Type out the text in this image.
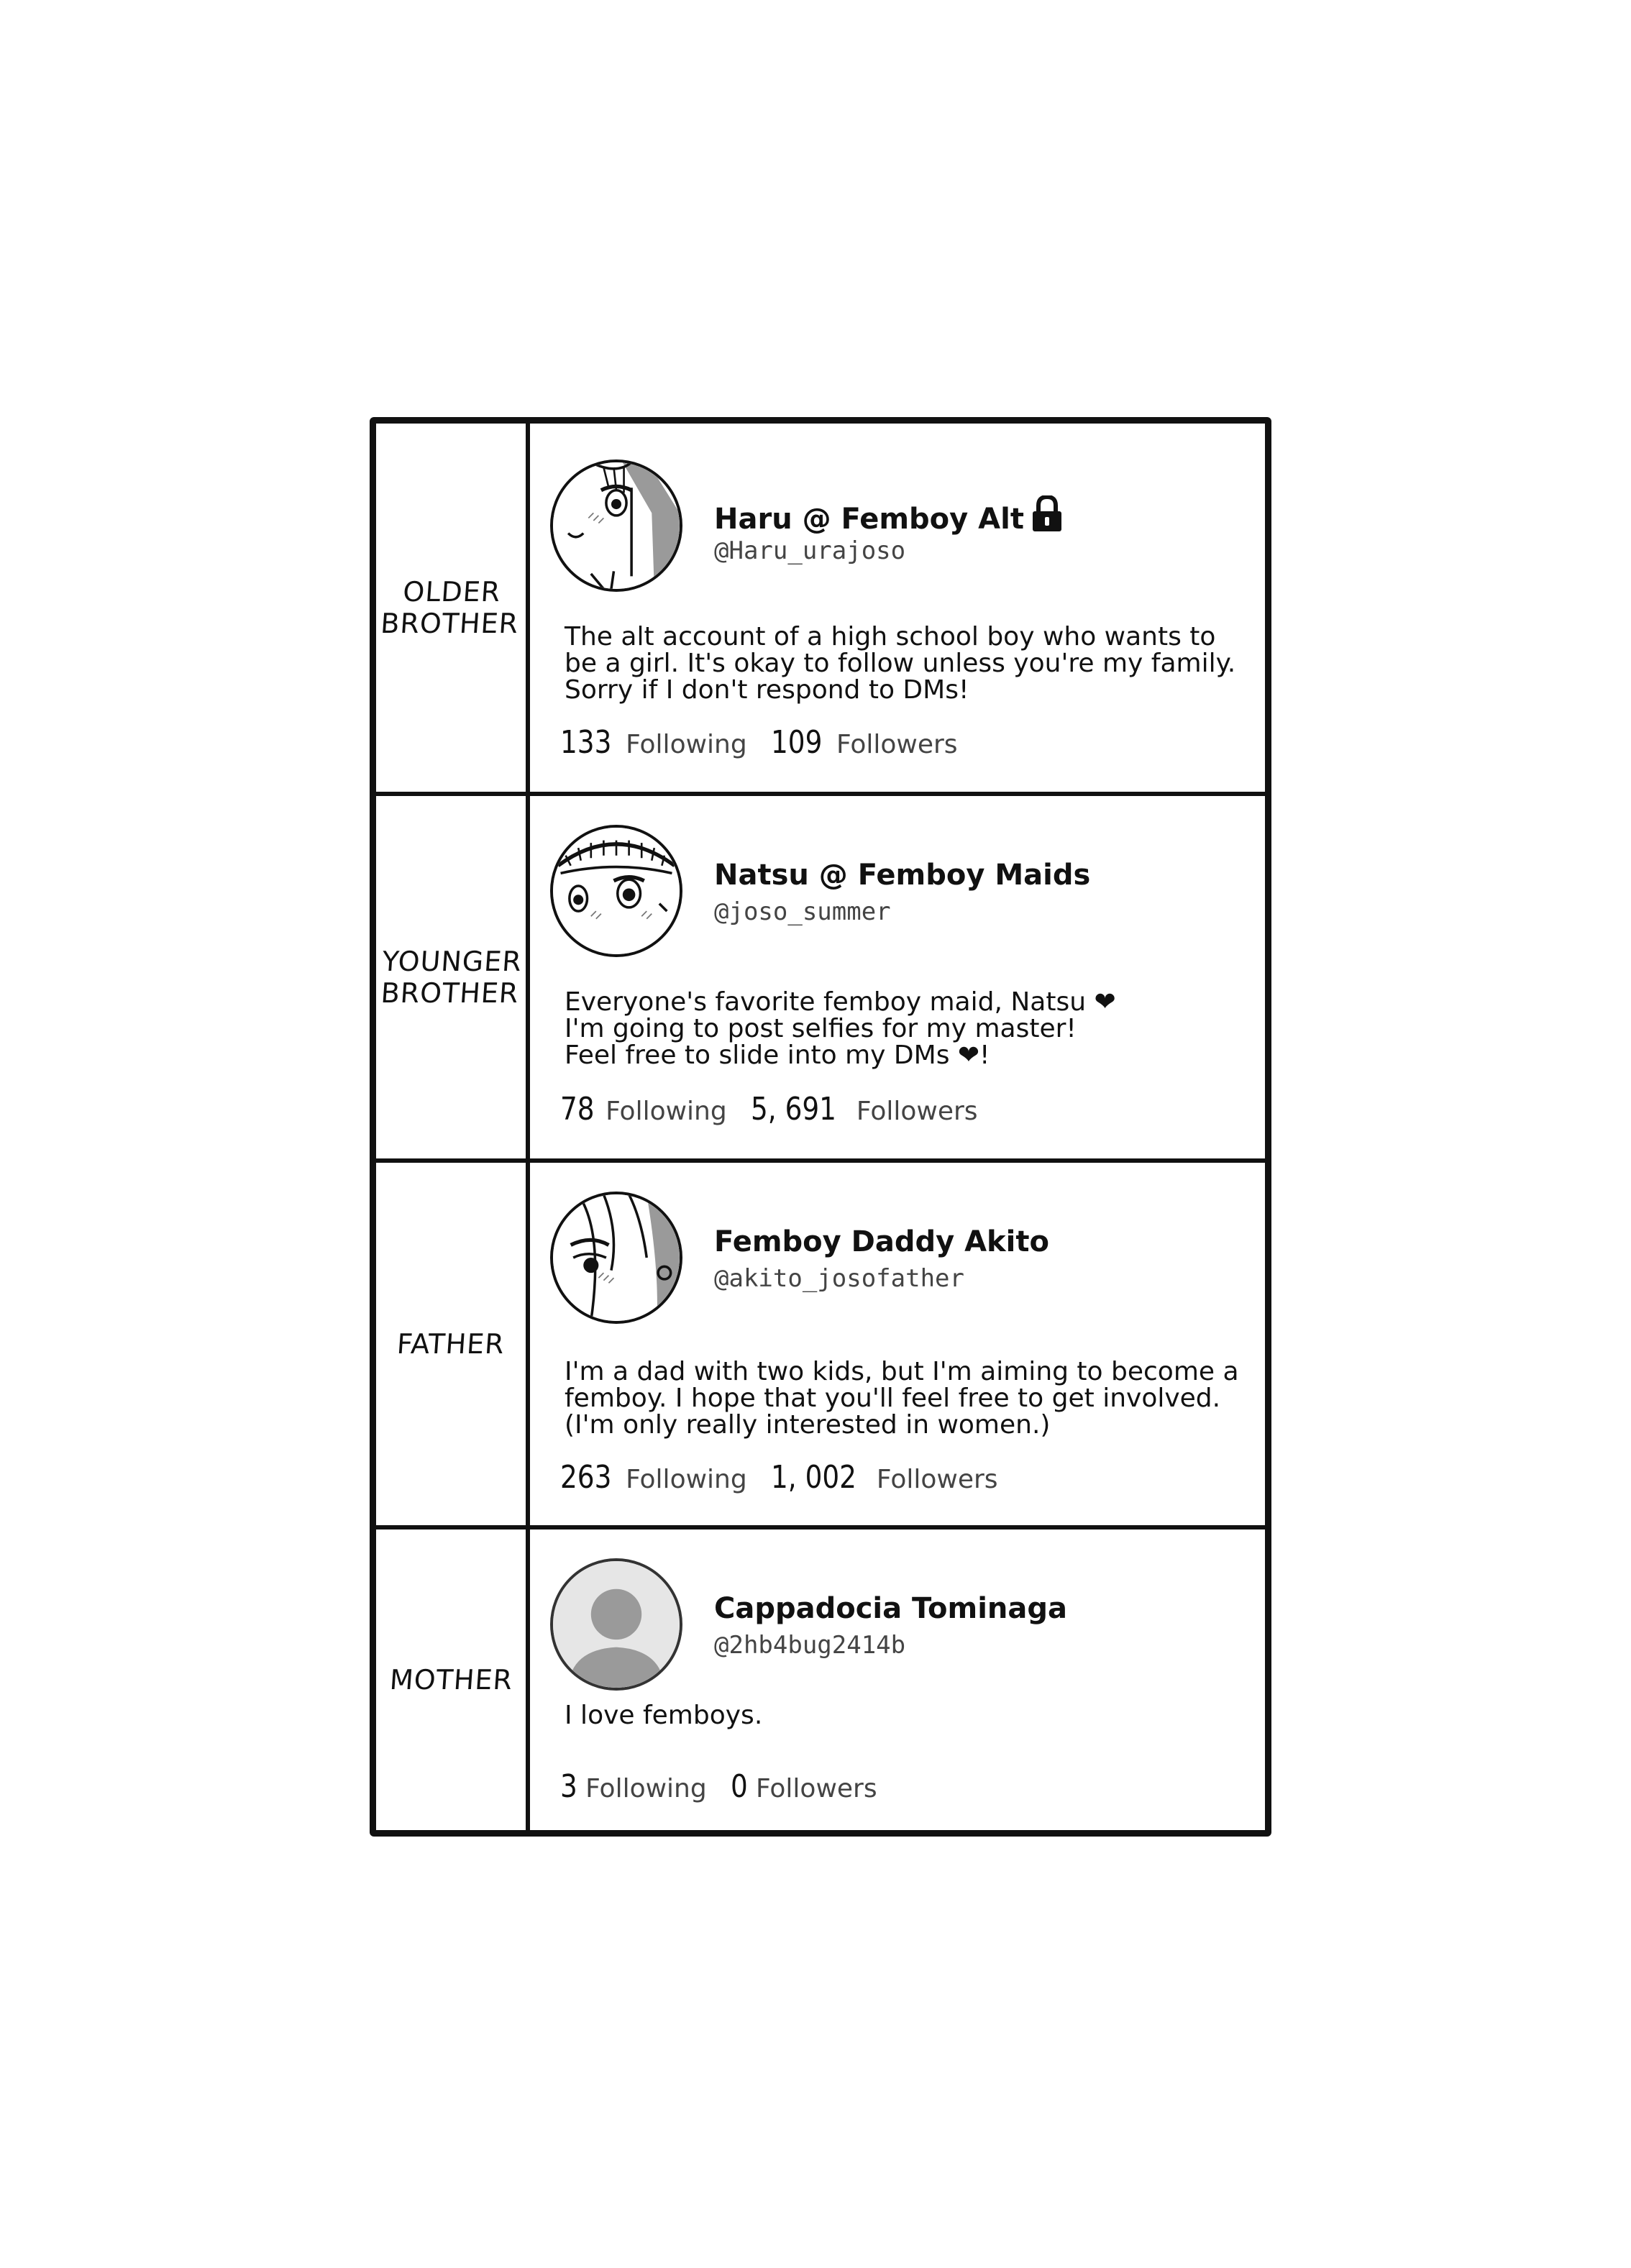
OLDER
BROTHER
Haru @ Femboy Alt
@Haru_urajoso
The alt account of a high school boy who wants to
be a girl. It's okay to follow unless you're my family.
Sorry if I don't respond to DMs!
133 Following 109 Followers
YOUNGER
BROTHER
Natsu @ Femboy Maids
@joso_summer
Everyone's favorite femboy maid, Natsu ❤
I'm going to post selfies for my master!
Feel free to slide into my DMs ❤!
78 Following 5, 691 Followers
FATHER
Femboy Daddy Akito
@akito_josofather
I'm a dad with two kids, but I'm aiming to become a
femboy. I hope that you'll feel free to get involved.
(I'm only really interested in women.)
263 Following 1, 002 Followers
MOTHER
Cappadocia Tominaga
@2hb4bug2414b
I love femboys.
3 Following 0 Followers
